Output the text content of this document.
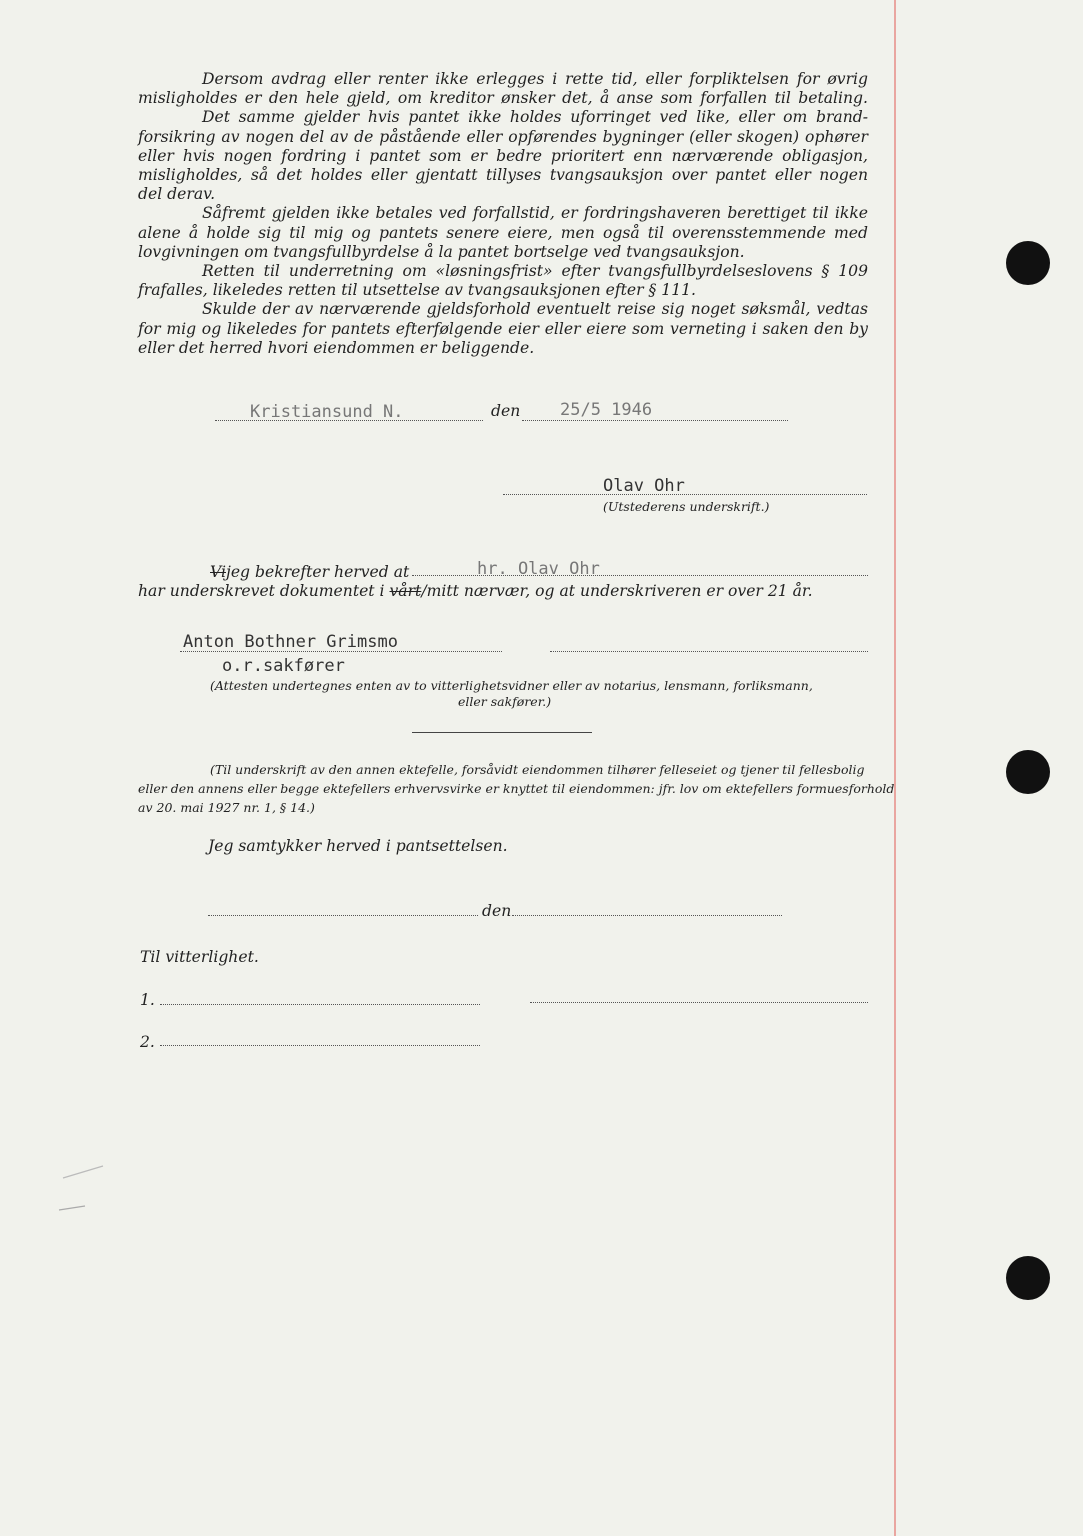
Dersom avdrag eller renter ikke erlegges i rette tid, eller forpliktelsen for øvrig
misligholdes er den hele gjeld, om kreditor ønsker det, å anse som forfallen til betaling.
Det samme gjelder hvis pantet ikke holdes uforringet ved like, eller om brand-
forsikring av nogen del av de påstående eller opførendes bygninger (eller skogen) ophører
eller hvis nogen fordring i pantet som er bedre prioritert enn nærværende obligasjon,
misligholdes, så det holdes eller gjentatt tillyses tvangsauksjon over pantet eller nogen
del derav.
Såfremt gjelden ikke betales ved forfallstid, er fordringshaveren berettiget til ikke
alene å holde sig til mig og pantets senere eiere, men også til overensstemmende med
lovgivningen om tvangsfullbyrdelse å la pantet bortselge ved tvangsauksjon.
Retten til underretning om «løsningsfrist» efter tvangsfullbyrdelseslovens § 109
frafalles, likeledes retten til utsettelse av tvangsauksjonen efter § 111.
Skulde der av nærværende gjeldsforhold eventuelt reise sig noget søksmål, vedtas
for mig og likeledes for pantets efterfølgende eier eller eiere som verneting i saken den by
eller det herred hvori eiendommen er beliggende.
Kristiansund N.	den 25/5 1946
Olav Ohr
(Utstederens underskrift.)
Vijeg bekrefter herved at	hr. Olav Ohr
har underskrevet dokumentet i vårt/mitt nærvær, og at underskriveren er over 21 år.
Anton Bothner Grimsmo
o.r.sakfører
(Attesten undertegnes enten av to vitterlighetsvidner eller av notarius, lensmann, forliksmann,
eller sakfører.)
(Til underskrift av den annen ektefelle, forsåvidt eiendommen tilhører felleseiet og tjener til fellesbolig
eller den annens eller begge ektefellers erhvervsvirke er knyttet til eiendommen: jfr. lov om ektefellers formuesforhold
av 20. mai 1927 nr. 1, § 14.)
Jeg samtykker herved i pantsettelsen.
den
Til vitterlighet.
1.
2.
